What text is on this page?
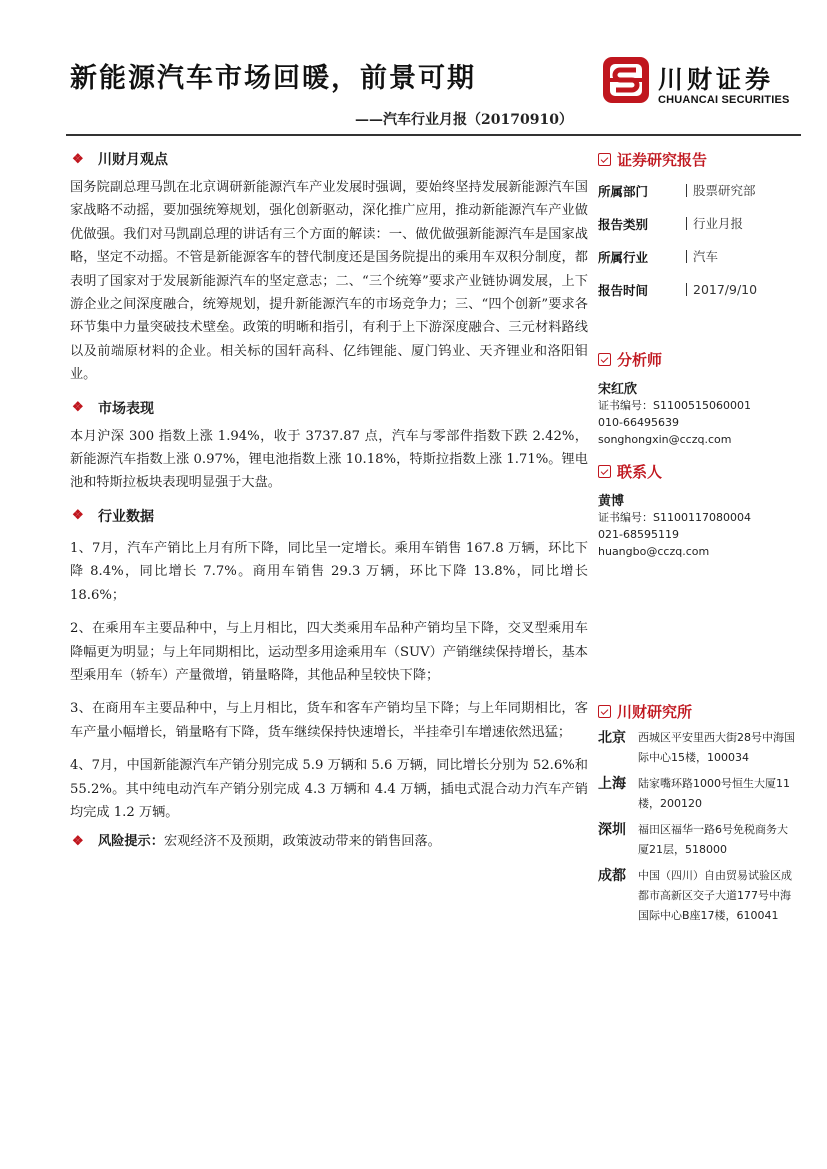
新能源汽车市场回暖，前景可期
——汽车行业月报（20170910）
川财证券
CHUANCAI SECURITIES
❖	川财月观点

国务院副总理马凯在北京调研新能源汽车产业发展时强调，要始终坚持发展新能源汽车国家战略不动摇，要加强统筹规划，强化创新驱动，深化推广应用，推动新能源汽车产业做优做强。我们对马凯副总理的讲话有三个方面的解读：一、做优做强新能源汽车是国家战略，坚定不动摇。不管是新能源客车的替代制度还是国务院提出的乘用车双积分制度，都表明了国家对于发展新能源汽车的坚定意志；二、“三个统筹”要求产业链协调发展，上下游企业之间深度融合，统筹规划，提升新能源汽车的市场竞争力；三、“四个创新”要求各环节集中力量突破技术壁垒。政策的明晰和指引，有利于上下游深度融合、三元材料路线以及前端原材料的企业。相关标的国轩高科、亿纬锂能、厦门钨业、天齐锂业和洛阳钼业。

❖	市场表现

本月沪深 300 指数上涨 1.94%，收于 3737.87 点，汽车与零部件指数下跌 2.42%，新能源汽车指数上涨 0.97%，锂电池指数上涨 10.18%，特斯拉指数上涨 1.71%。锂电池和特斯拉板块表现明显强于大盘。

❖	行业数据

1、7月，汽车产销比上月有所下降，同比呈一定增长。乘用车销售 167.8 万辆，环比下降 8.4%，同比增长 7.7%。商用车销售 29.3 万辆，环比下降 13.8%，同比增长 18.6%；

2、在乘用车主要品种中，与上月相比，四大类乘用车品种产销均呈下降，交叉型乘用车降幅更为明显；与上年同期相比，运动型多用途乘用车（SUV）产销继续保持增长，基本型乘用车（轿车）产量微增，销量略降，其他品种呈较快下降；

3、在商用车主要品种中，与上月相比，货车和客车产销均呈下降；与上年同期相比，客车产量小幅增长，销量略有下降，货车继续保持快速增长，半挂牵引车增速依然迅猛；

4、7月，中国新能源汽车产销分别完成 5.9 万辆和 5.6 万辆，同比增长分别为 52.6%和 55.2%。其中纯电动汽车产销分别完成 4.3 万辆和 4.4 万辆，插电式混合动力汽车产销均完成 1.2 万辆。

❖	风险提示：宏观经济不及预期，政策波动带来的销售回落。
证券研究报告
所属部门	股票研究部
报告类别	行业月报
所属行业	汽车
报告时间	2017/9/10
分析师
宋红欣
证书编号：S1100515060001
010-66495639
songhongxin@cczq.com
联系人
黄博
证书编号：S1100117080004
021-68595119
huangbo@cczq.com
川财研究所
北京	西城区平安里西大街28号中海国际中心15楼，100034
上海	陆家嘴环路1000号恒生大厦11楼，200120
深圳	福田区福华一路6号免税商务大厦21层，518000
成都	中国（四川）自由贸易试验区成都市高新区交子大道177号中海国际中心B座17楼，610041
